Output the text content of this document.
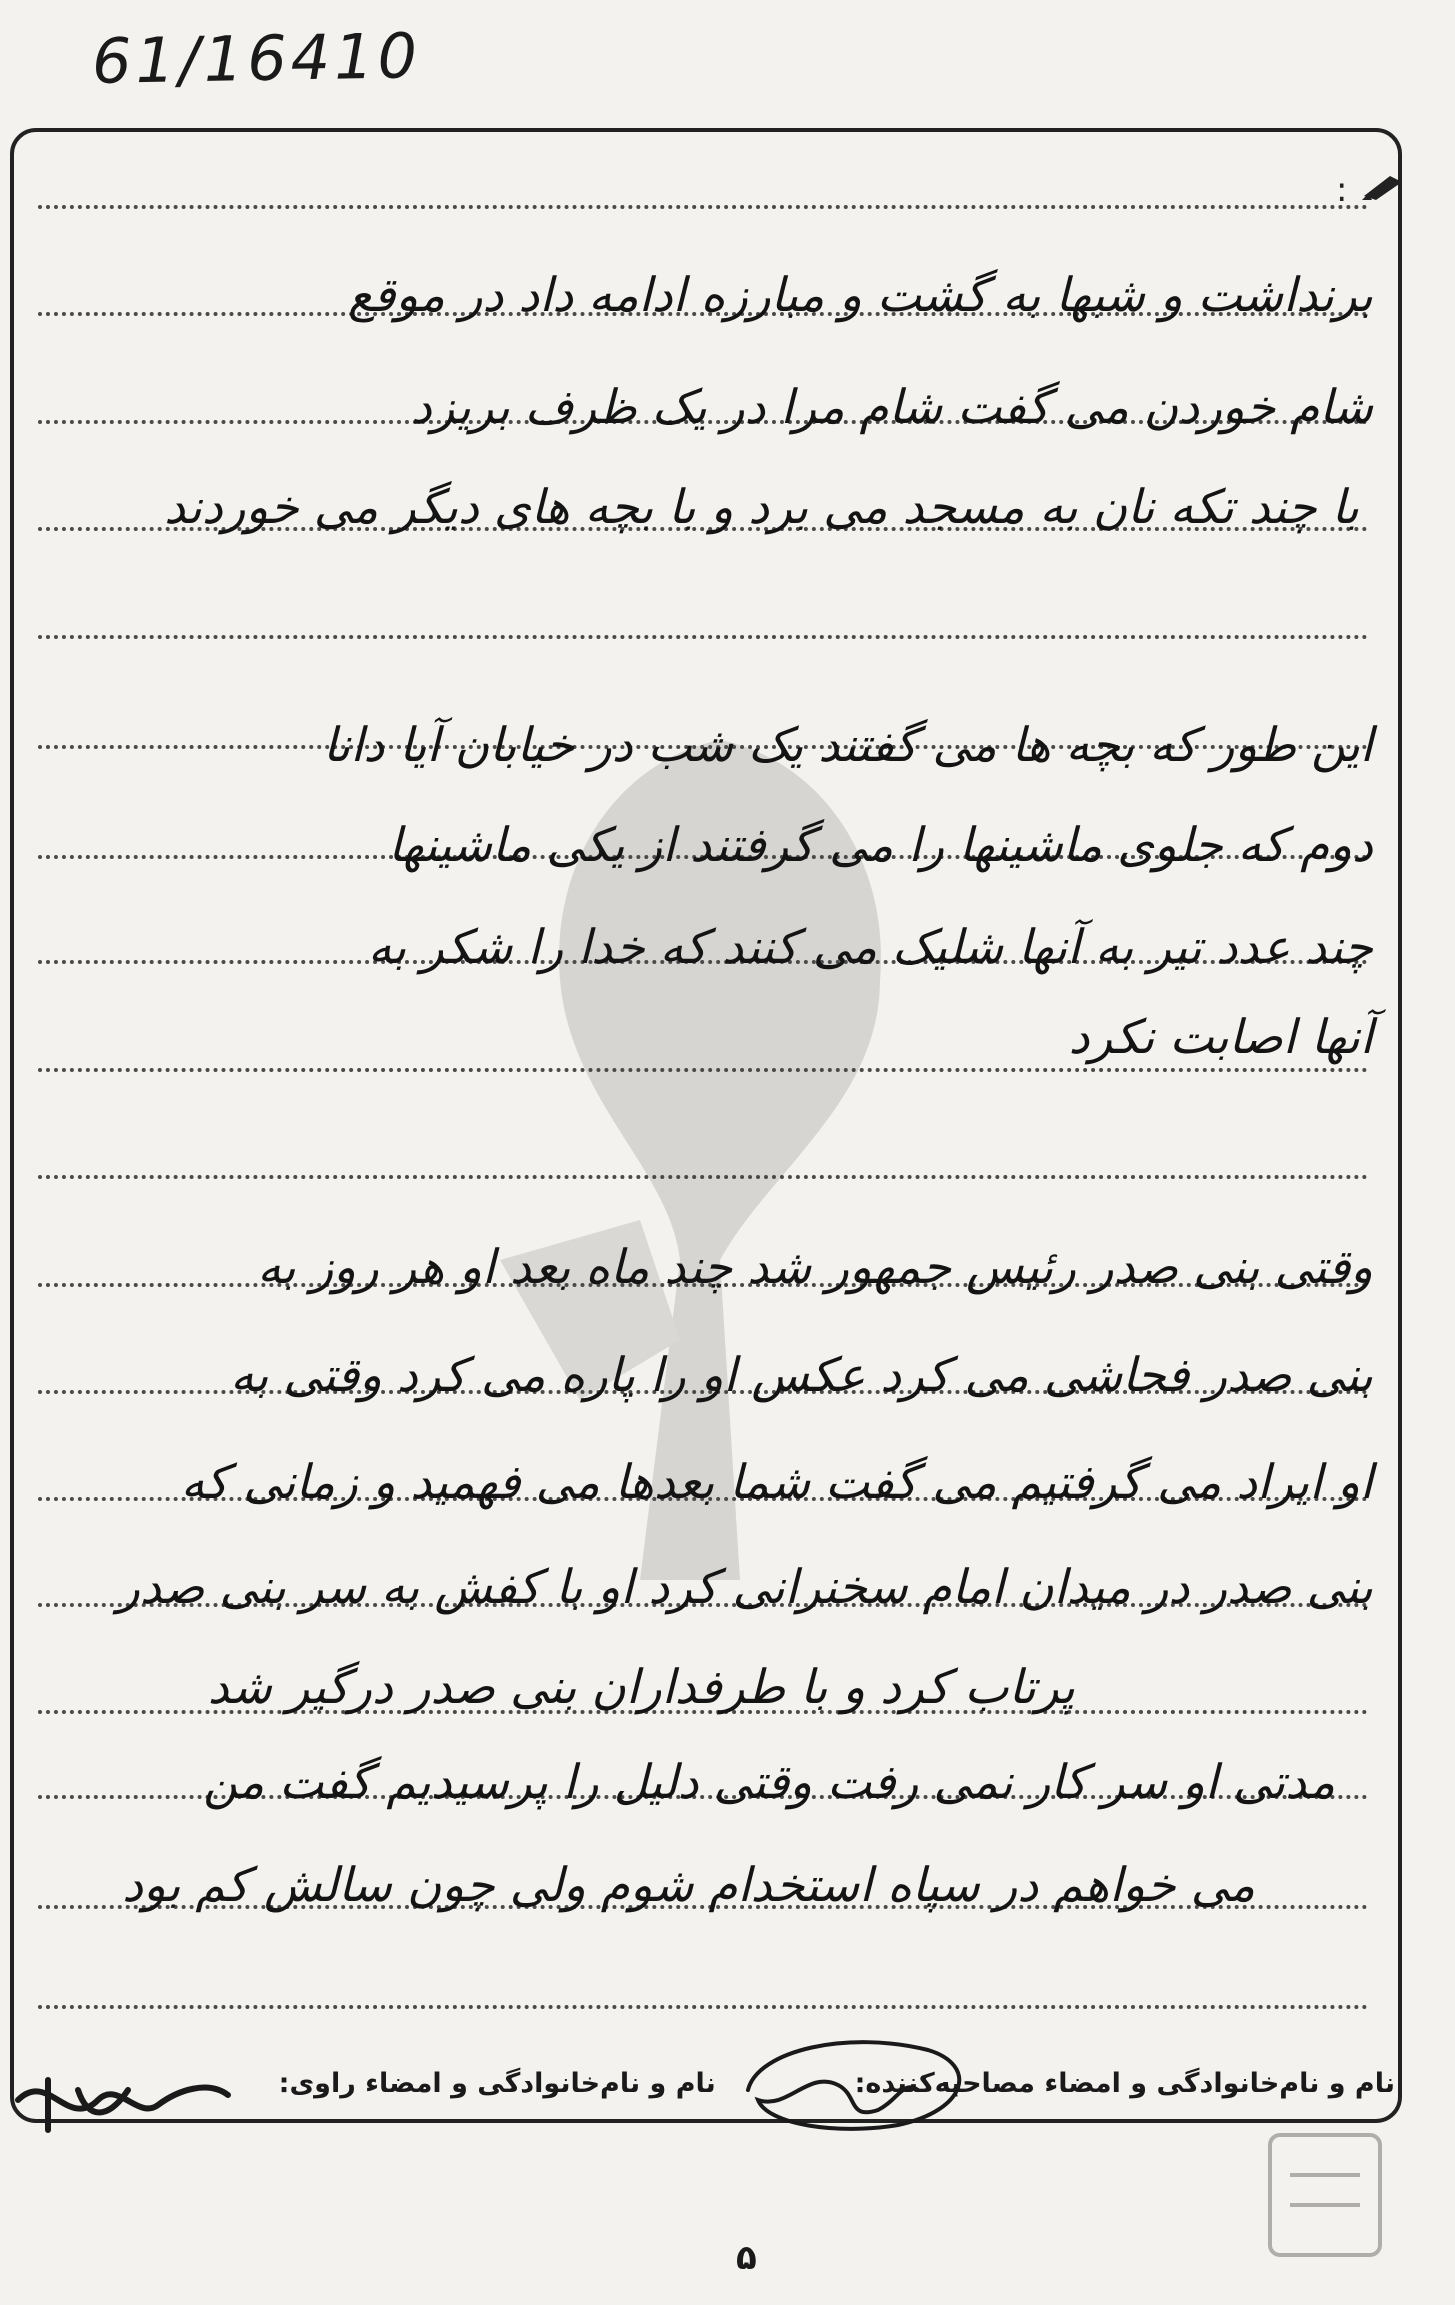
61/16410
:
برنداشت و شبها به گشت و مبارزه ادامه داد در موقع
شام خوردن می گفت شام مرا در یک ظرف بریزد
با چند تکه نان به مسجد می برد و با بچه های دیگر می خوردند
این طور که بچه ها می گفتند یک شب در خیابان آیا دانا
دوم که جلوی ماشینها را می گرفتند از یکی ماشینها
چند عدد تیر به آنها شلیک می کنند که خدا را شکر به
آنها اصابت نکرد
وقتی بنی صدر رئیس جمهور شد چند ماه بعد او هر روز به
بنی صدر فحاشی می کرد عکس او را پاره می کرد وقتی به
او ایراد می گرفتیم می گفت شما بعدها می فهمید و زمانی که
بنی صدر در میدان امام سخنرانی کرد او با کفش به سر بنی صدر
پرتاب کرد و با طرفداران بنی صدر درگیر شد
مدتی او سر کار نمی رفت وقتی دلیل را پرسیدیم گفت من
می خواهم در سپاه استخدام شوم ولی چون سالش کم بود
نام و نام‌خانوادگی و امضاء مصاحبه‌کننده:  نام و نام‌خانوادگی و امضاء راوی:
۵
